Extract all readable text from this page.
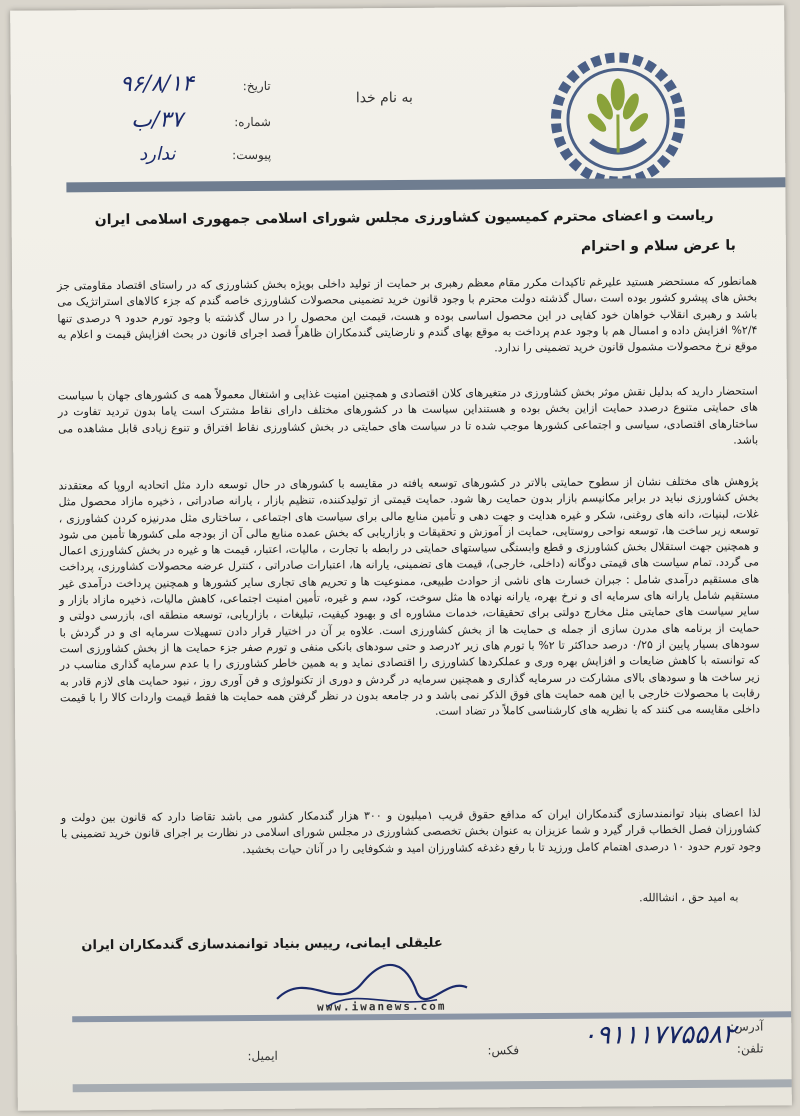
به نام خدا
تاریخ: ۹۶/۸/۱۴
شماره: ۳۷/ب
پیوست: ندارد
ریاست و اعضای محترم کمیسیون کشاورزی مجلس شورای اسلامی جمهوری اسلامی ایران
با عرض سلام و احترام
همانطور که مستحضر هستید علیرغم تاکیدات مکرر مقام معظم رهبری بر حمایت از تولید داخلی بویژه بخش کشاورزی که در راستای اقتصاد مقاومتی جز بخش های پیشرو کشور بوده است ،سال گذشته دولت محترم با وجود قانون خرید تضمینی محصولات کشاورزی خاصه گندم که جزء کالاهای استراتژیک می باشد و رهبری انقلاب خواهان خود کفایی در این محصول اساسی بوده و هست، قیمت این محصول را در سال گذشته با وجود تورم حدود ۹ درصدی تنها ۲/۴% افزایش داده و امسال هم با وجود عدم پرداخت به موقع بهای گندم و نارضایتی گندمکاران ظاهراً قصد اجرای قانون در بحث افزایش قیمت و اعلام به موقع نرخ محصولات مشمول قانون خرید تضمینی را ندارد.
استحضار دارید که بدلیل نقش موثر بخش کشاورزی در متغیرهای کلان اقتصادی و همچنین امنیت غذایی و اشتغال معمولاً همه ی کشورهای جهان با سیاست های حمایتی متنوع درصدد حمایت ازاین بخش بوده و هستنداین سیاست ها در کشورهای مختلف دارای نقاط مشترک است یاما بدون تردید تفاوت در ساختارهای اقتصادی، سیاسی و اجتماعی کشورها موجب شده تا در سیاست های حمایتی در بخش کشاورزی نقاط افتراق و تنوع زیادی قابل مشاهده می باشد.
پژوهش های مختلف نشان از سطوح حمایتی بالاتر در کشورهای توسعه یافته در مقایسه با کشورهای در حال توسعه دارد مثل اتحادیه اروپا که معتقدند بخش کشاورزی نباید در برابر مکانیسم بازار بدون حمایت رها شود. حمایت قیمتی از تولیدکننده، تنظیم بازار ، یارانه صادراتی ، ذخیره مازاد محصول مثل غلات، لبنیات، دانه های روغنی، شکر و غیره هدایت و جهت دهی و تأمین منابع مالی برای سیاست های اجتماعی ، ساختاری مثل مدرنیزه کردن کشاورزی ، توسعه زیر ساخت ها، توسعه نواحی روستایی، حمایت از آموزش و تحقیقات و بازاریابی که بخش عمده منابع مالی آن از بودجه ملی کشورها تأمین می شود و همچنین جهت استقلال بخش کشاورزی و قطع وابستگی سیاستهای حمایتی در رابطه با تجارت ، مالیات، اعتبار، قیمت ها و غیره در بخش کشاورزی اعمال می گردد. تمام سیاست های قیمتی دوگانه (داخلی، خارجی)، قیمت های تضمینی، یارانه ها، اعتبارات صادراتی ، کنترل عرضه محصولات کشاورزی، پرداخت های مستقیم درآمدی شامل : جبران خسارت های ناشی از حوادث طبیعی، ممنوعیت ها و تحریم های تجاری سایر کشورها و همچنین پرداخت درآمدی غیر مستقیم شامل یارانه های سرمایه ای و نرخ بهره، یارانه نهاده ها مثل سوخت، کود، سم و غیره، تأمین امنیت اجتماعی، کاهش مالیات، ذخیره مازاد بازار و سایر سیاست های حمایتی مثل مخارج دولتی برای تحقیقات، خدمات مشاوره ای و بهبود کیفیت، تبلیغات ، بازاریابی، توسعه منطقه ای، بازرسی دولتی و حمایت از برنامه های مدرن سازی از جمله ی حمایت ها از بخش کشاورزی است. علاوه بر آن در اختیار قرار دادن تسهیلات سرمایه ای و در گردش با سودهای بسیار پایین از ۰/۲۵ درصد حداکثر تا ۲% با تورم های زیر ۲درصد و حتی سودهای بانکی منفی و تورم صفر جزء حمایت ها از بخش کشاورزی است که توانسته با کاهش ضایعات و افزایش بهره وری و عملکردها کشاورزی را اقتصادی نماید و به همین خاطر کشاورزی را با عدم سرمایه گذاری مناسب در زیر ساخت ها و سودهای بالای مشارکت در سرمایه گذاری و همچنین سرمایه در گردش و دوری از تکنولوژی و فن آوری روز ، نبود حمایت های لازم قادر به رقابت با محصولات خارجی با این همه حمایت های فوق الذکر نمی باشد و در جامعه بدون در نظر گرفتن همه حمایت ها فقط قیمت واردات کالا را با قیمت داخلی مقایسه می کنند که با نظریه های کارشناسی کاملاً در تضاد است.
لذا اعضای بنیاد توانمندسازی گندمکاران ایران که مدافع حقوق قریب ۱میلیون و ۳۰۰ هزار گندمکار کشور می باشد تقاضا دارد که قانون بین دولت و کشاورزان فصل الخطاب قرار گیرد و شما عزیزان به عنوان بخش تخصصی کشاورزی در مجلس شورای اسلامی در نظارت بر اجرای قانون خرید تضمینی با وجود تورم حدود ۱۰ درصدی اهتمام کامل ورزید تا با رفع دغدغه کشاورزان امید و شکوفایی را در آنان حیات بخشید.
به امید حق ، انشاالله.
علیقلی ایمانی، رییس بنیاد توانمندسازی گندمکاران ایران
www.iwanews.com
آدرس:
تلفن:
۰۹۱۱۱۷۷۵۵۸۲
فکس:
ایمیل:
